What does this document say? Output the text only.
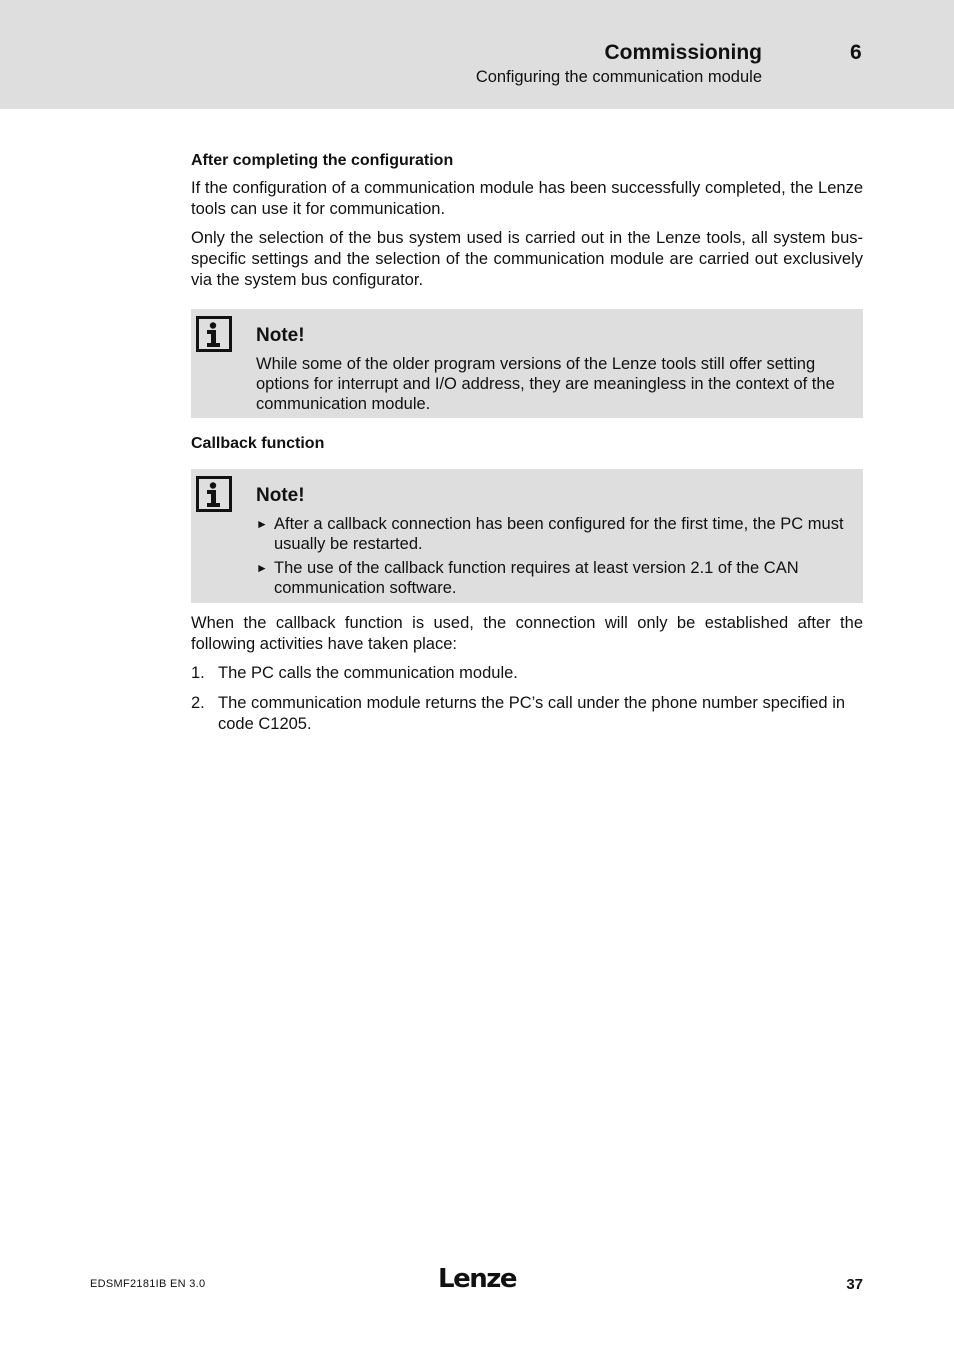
Commissioning	6
Configuring the communication module
After completing the configuration

If the configuration of a communication module has been successfully completed, the Lenze tools can use it for communication.

Only the selection of the bus system used is carried out in the Lenze tools, all system bus-specific settings and the selection of the communication module are carried out exclusively via the system bus configurator.

Note!
While some of the older program versions of the Lenze tools still offer setting options for interrupt and I/O address, they are meaningless in the context of the communication module.
Callback function
Note!
► After a callback connection has been configured for the first time, the PC must usually be restarted.
► The use of the callback function requires at least version 2.1 of the CAN communication software.

When the callback function is used, the connection will only be established after the following activities have taken place:

1. The PC calls the communication module.
2. The communication module returns the PC’s call under the phone number specified in code C1205.
EDSMF2181IB EN 3.0	Lenze	37
